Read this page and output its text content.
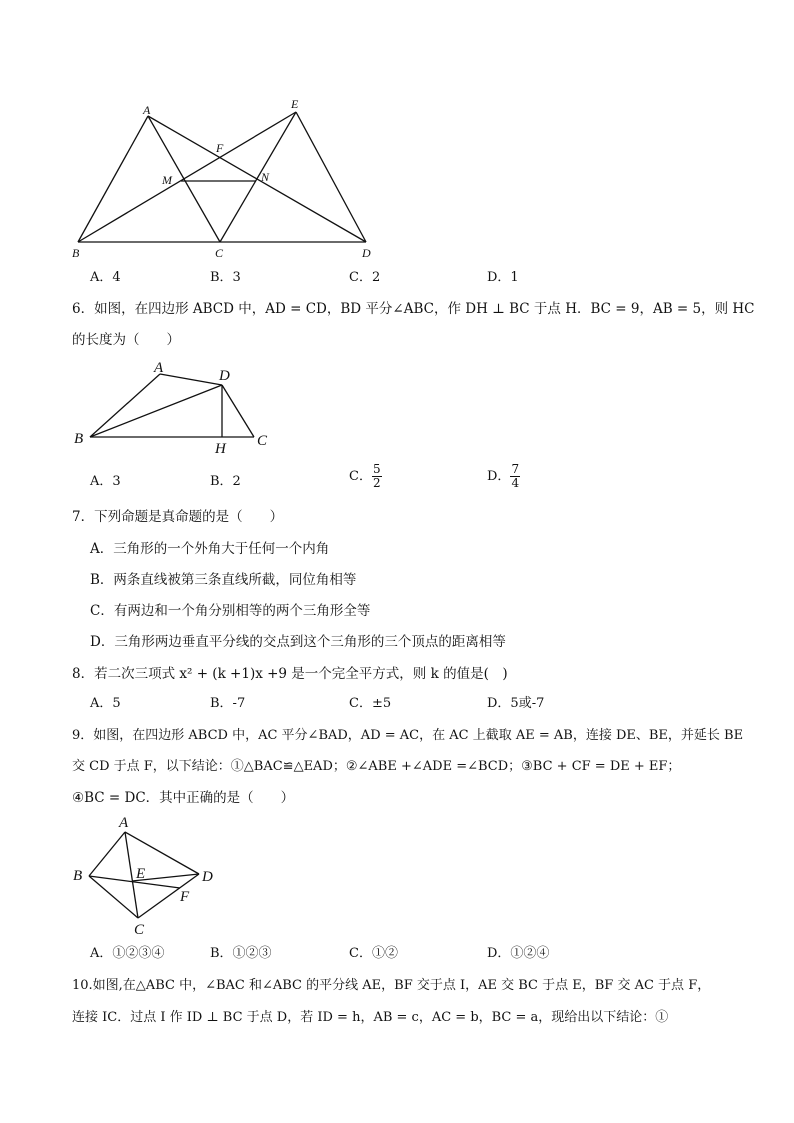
A	E
F
M	N
B	C	D
A．4	B．3	C．2	D．1
6．如图，在四边形 ABCD 中，AD = CD，BD 平分∠ABC，作 DH ⊥ BC 于点 H．BC = 9，AB = 5，则 HC
的长度为（　　）
A	D
B
H C
A．3	B．2	C． $\frac{5}{2}$	D． $\frac{7}{4}$
7．下列命题是真命题的是（　　）
A．三角形的一个外角大于任何一个内角
B．两条直线被第三条直线所截，同位角相等
C．有两边和一个角分别相等的两个三角形全等
D．三角形两边垂直平分线的交点到这个三角形的三个顶点的距离相等
8．若二次三项式 x² + (k +1)x +9 是一个完全平方式，则 k 的值是(　)
A．5	B．-7	C．±5	D．5或-7
9．如图，在四边形 ABCD 中，AC 平分∠BAD，AD = AC，在 AC 上截取 AE = AB，连接 DE、BE，并延长 BE
交 CD 于点 F，以下结论：①△BAC≌△EAD；②∠ABE +∠ADE =∠BCD；③BC + CF = DE + EF；
④BC = DC．其中正确的是（　　）
A
B	E	D
F
C
A．①②③④	B．①②③	C．①②	D．①②④
10.如图,在△ABC 中，∠BAC 和∠ABC 的平分线 AE，BF 交于点 I，AE 交 BC 于点 E，BF 交 AC 于点 F，
连接 IC．过点 I 作 ID ⊥ BC 于点 D，若 ID = h，AB = c，AC = b，BC = a，现给出以下结论：①
